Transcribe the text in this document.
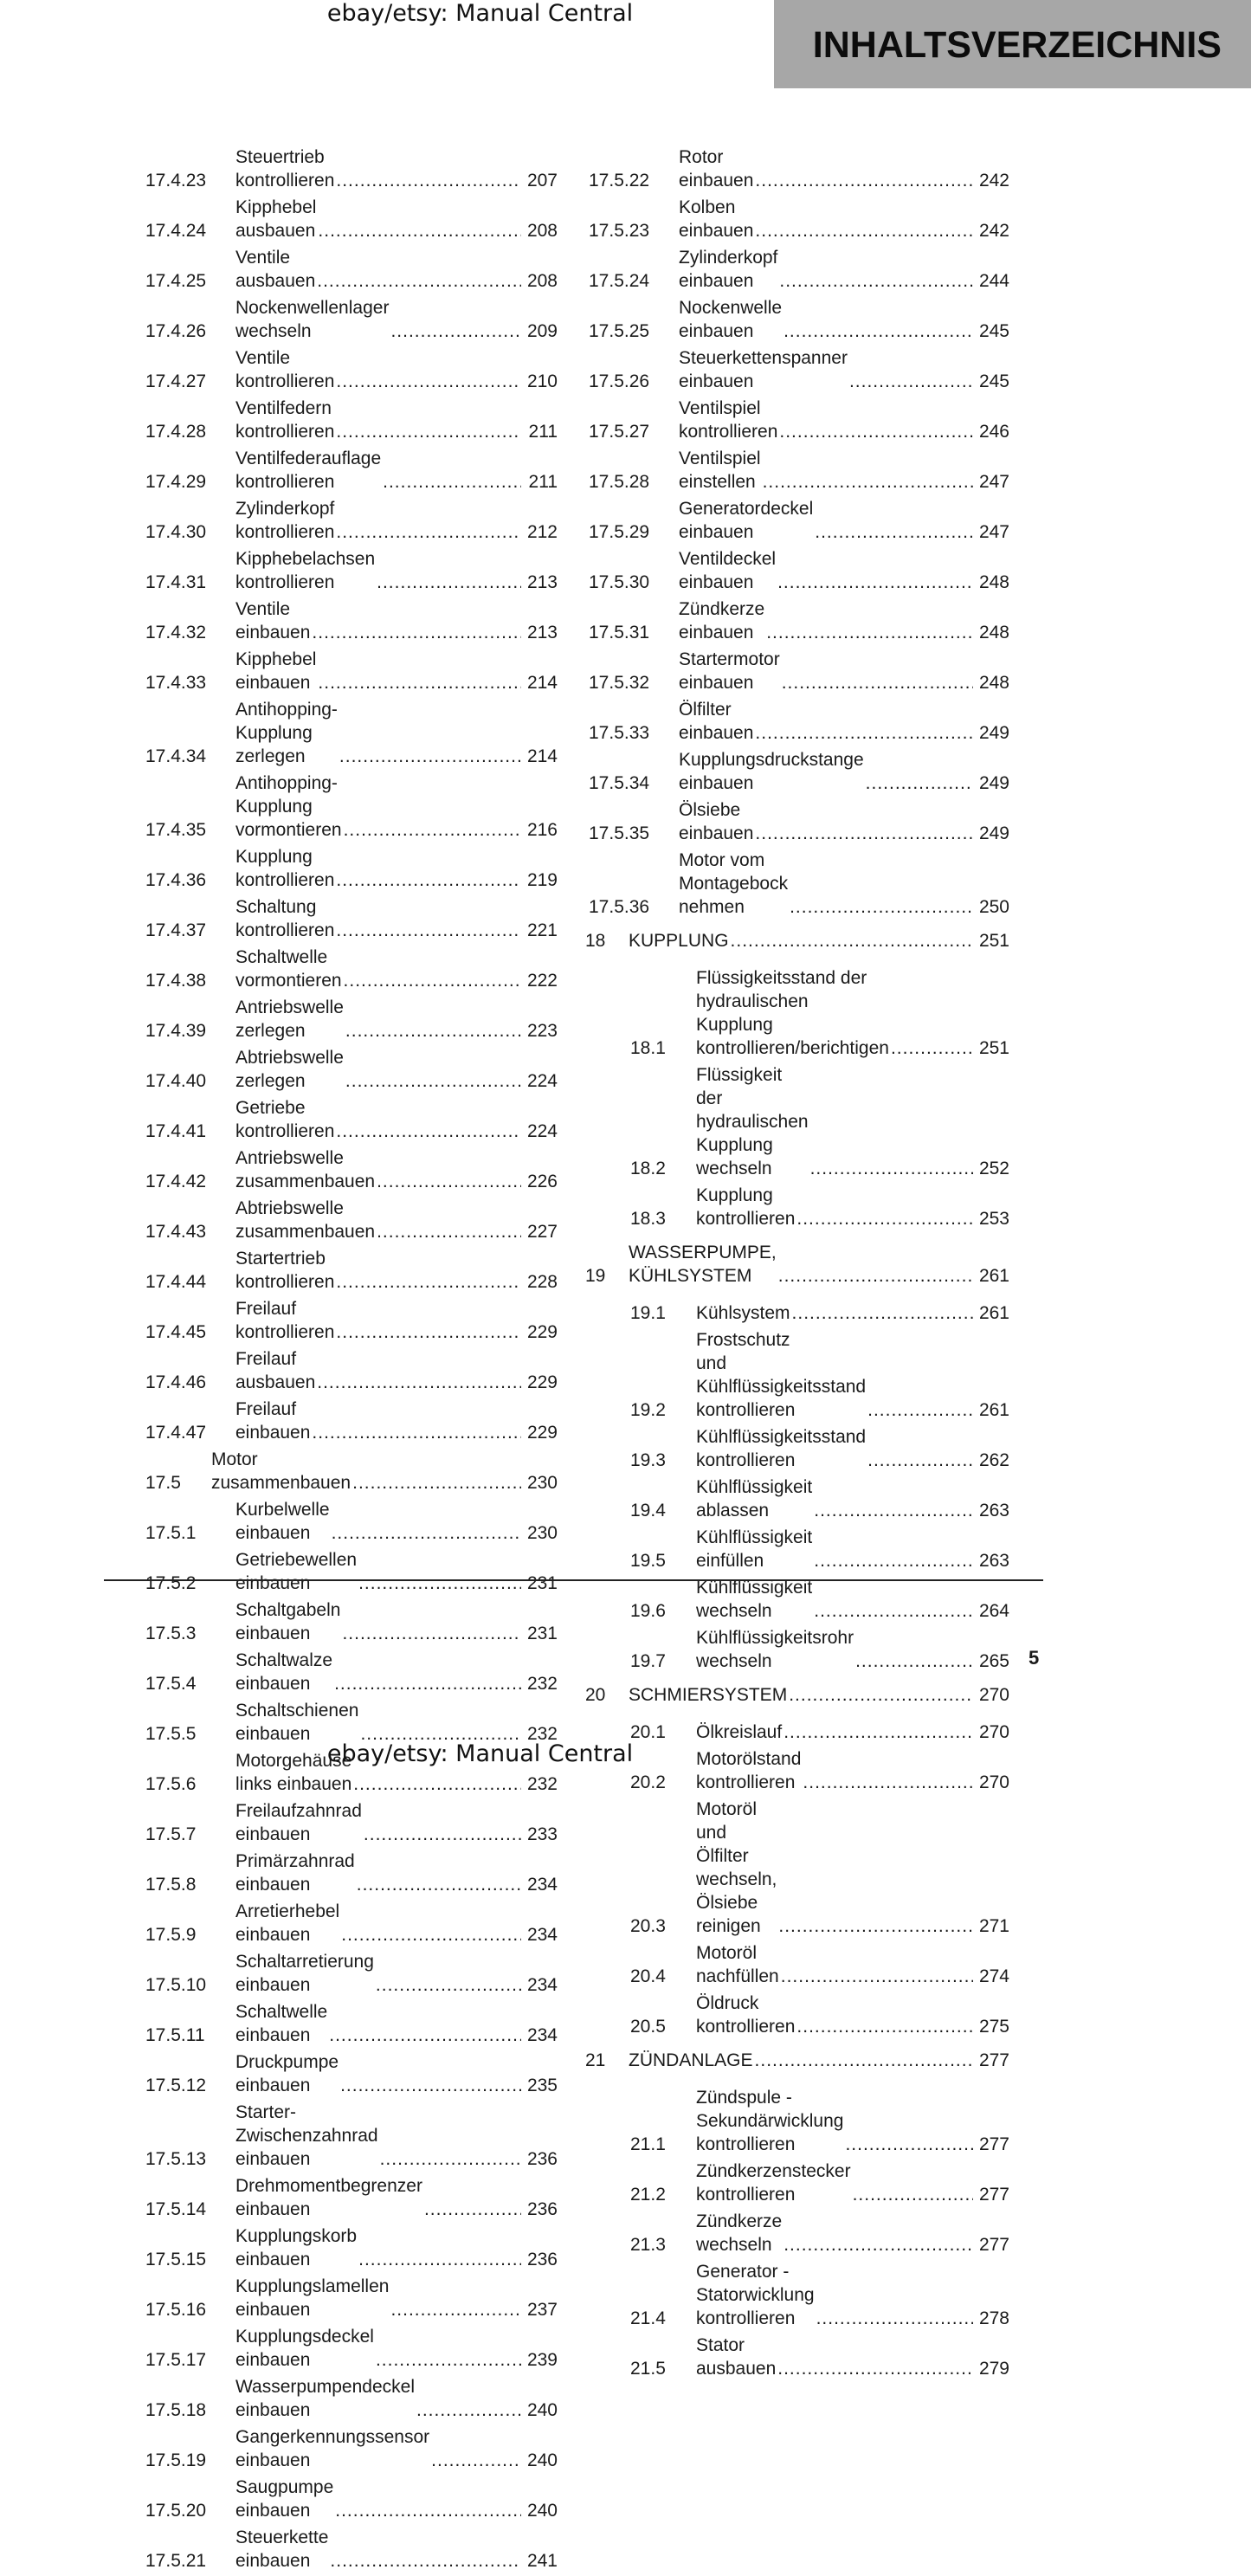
ebay/etsy: Manual Central
INHALTSVERZEICHNIS
17.4.23
Steuertrieb kontrollieren .....	207
17.4.24
Kipphebel ausbauen .....	208
17.4.25
Ventile ausbauen .....	208
17.4.26
Nockenwellenlager wechseln .....	209
17.4.27
Ventile kontrollieren .....	210
17.4.28
Ventilfedern kontrollieren .....	211
17.4.29
Ventilfederauflage kontrollieren .....	211
17.4.30
Zylinderkopf kontrollieren .....	212
17.4.31
Kipphebelachsen kontrollieren .....	213
17.4.32
Ventile einbauen .....	213
17.4.33
Kipphebel einbauen .....	214
17.4.34
Antihopping-Kupplung
zerlegen .....	214
17.4.35
Antihopping-Kupplung
vormontieren .....	216
17.4.36
Kupplung kontrollieren .....	219
17.4.37
Schaltung kontrollieren .....	221
17.4.38
Schaltwelle vormontieren .....	222
17.4.39
Antriebswelle zerlegen .....	223
17.4.40
Abtriebswelle zerlegen .....	224
17.4.41
Getriebe kontrollieren .....	224
17.4.42
Antriebswelle zusammenbauen .....	226
17.4.43
Abtriebswelle zusammenbauen .....	227
17.4.44
Startertrieb kontrollieren .....	228
17.4.45
Freilauf kontrollieren .....	229
17.4.46
Freilauf ausbauen .....	229
17.4.47
Freilauf einbauen .....	229
17.5
Motor zusammenbauen .....	230
17.5.1
Kurbelwelle einbauen .....	230
17.5.2
Getriebewellen einbauen .....	231
17.5.3
Schaltgabeln einbauen .....	231
17.5.4
Schaltwalze einbauen .....	232
17.5.5
Schaltschienen einbauen .....	232
17.5.6
Motorgehäuse links einbauen .....	232
17.5.7
Freilaufzahnrad einbauen .....	233
17.5.8
Primärzahnrad einbauen .....	234
17.5.9
Arretierhebel einbauen .....	234
17.5.10
Schaltarretierung einbauen .....	234
17.5.11
Schaltwelle einbauen .....	234
17.5.12
Druckpumpe einbauen .....	235
17.5.13
Starter-Zwischenzahnrad
einbauen .....	236
17.5.14
Drehmomentbegrenzer
einbauen .....	236
17.5.15
Kupplungskorb einbauen .....	236
17.5.16
Kupplungslamellen einbauen .....	237
17.5.17
Kupplungsdeckel einbauen .....	239
17.5.18
Wasserpumpendeckel
einbauen .....	240
17.5.19
Gangerkennungssensor
einbauen .....	240
17.5.20
Saugpumpe einbauen .....	240
17.5.21
Steuerkette einbauen .....	241
17.5.22
Rotor einbauen .....	242
17.5.23
Kolben einbauen .....	242
17.5.24
Zylinderkopf einbauen .....	244
17.5.25
Nockenwelle einbauen .....	245
17.5.26
Steuerkettenspanner einbauen .....	245
17.5.27
Ventilspiel kontrollieren .....	246
17.5.28
Ventilspiel einstellen .....	247
17.5.29
Generatordeckel einbauen .....	247
17.5.30
Ventildeckel einbauen .....	248
17.5.31
Zündkerze einbauen .....	248
17.5.32
Startermotor einbauen .....	248
17.5.33
Ölfilter einbauen .....	249
17.5.34
Kupplungsdruckstange
einbauen .....	249
17.5.35
Ölsiebe einbauen .....	249
17.5.36
Motor vom Montagebock
nehmen .....	250
18	KUPPLUNG .....	251
18.1
Flüssigkeitsstand der
hydraulischen Kupplung
kontrollieren/berichtigen .....	251
18.2
Flüssigkeit der hydraulischen
Kupplung wechseln .....	252
18.3
Kupplung kontrollieren .....	253
19
WASSERPUMPE, KÜHLSYSTEM .....	261
19.1	Kühlsystem .....	261
19.2
Frostschutz
und Kühlflüssigkeitsstand
kontrollieren .....	261
19.3
Kühlflüssigkeitsstand
kontrollieren .....	262
19.4
Kühlflüssigkeit ablassen .....	263
19.5
Kühlflüssigkeit einfüllen .....	263
19.6
Kühlflüssigkeit wechseln .....	264
19.7
Kühlflüssigkeitsrohr wechseln .....	265
20	SCHMIERSYSTEM .....	270
20.1	Ölkreislauf .....	270
20.2
Motorölstand kontrollieren .....	270
20.3
Motoröl und Ölfilter wechseln,
Ölsiebe reinigen .....	271
20.4
Motoröl nachfüllen .....	274
20.5
Öldruck kontrollieren .....	275
21	ZÜNDANLAGE .....	277
21.1
Zündspule - Sekundärwicklung
kontrollieren .....	277
21.2
Zündkerzenstecker kontrollieren .....	277
21.3
Zündkerze wechseln .....	277
21.4
Generator - Statorwicklung
kontrollieren .....	278
21.5
Stator ausbauen .....	279
5
ebay/etsy: Manual Central
